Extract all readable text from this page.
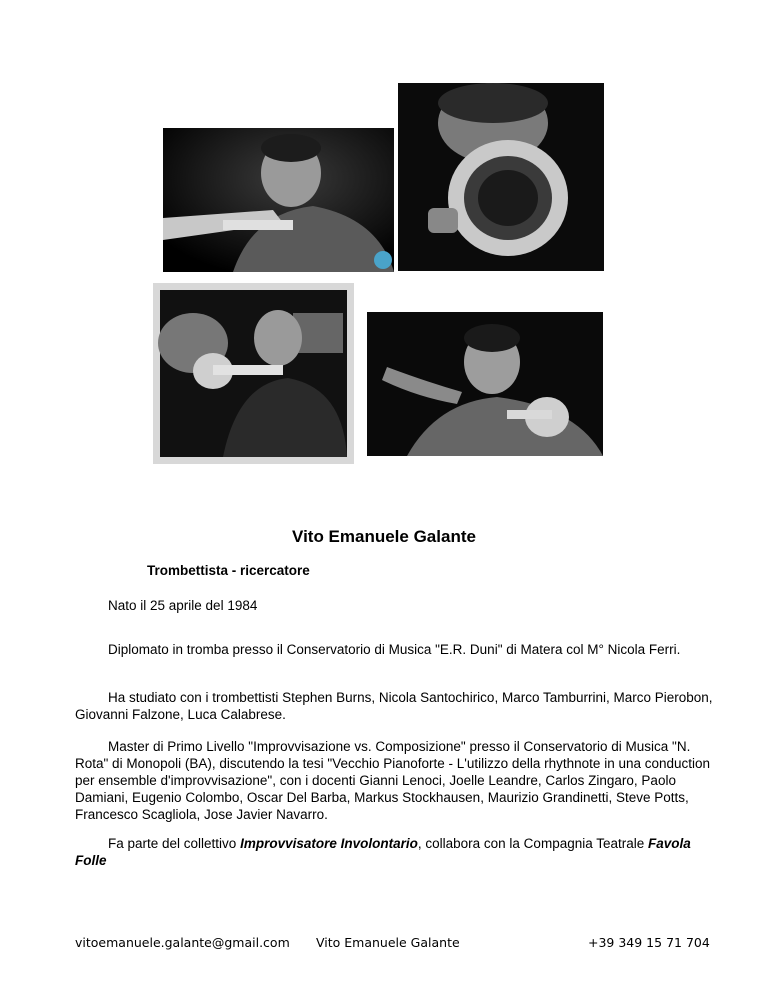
Vito Emanuele Galante
Trombettista - ricercatore
Nato il 25 aprile del 1984
Diplomato in tromba presso il Conservatorio di Musica "E.R. Duni" di Matera col M° Nicola Ferri.
Ha studiato con i trombettisti Stephen Burns, Nicola Santochirico, Marco Tamburrini, Marco Pierobon, Giovanni Falzone, Luca Calabrese.
Master di Primo Livello "Improvvisazione vs. Composizione" presso il Conservatorio di Musica "N. Rota" di Monopoli (BA), discutendo la tesi "Vecchio Pianoforte - L'utilizzo della rhythnote in una conduction per ensemble d'improvvisazione", con i docenti Gianni Lenoci, Joelle Leandre, Carlos Zingaro, Paolo Damiani, Eugenio Colombo, Oscar Del Barba, Markus Stockhausen, Maurizio Grandinetti, Steve Potts, Francesco Scagliola, Jose Javier Navarro.
Fa parte del collettivo Improvvisatore Involontario, collabora con la Compagnia Teatrale Favola Folle
vitoemanuele.galante@gmail.com Vito Emanuele Galante	+39 349 15 71 704
